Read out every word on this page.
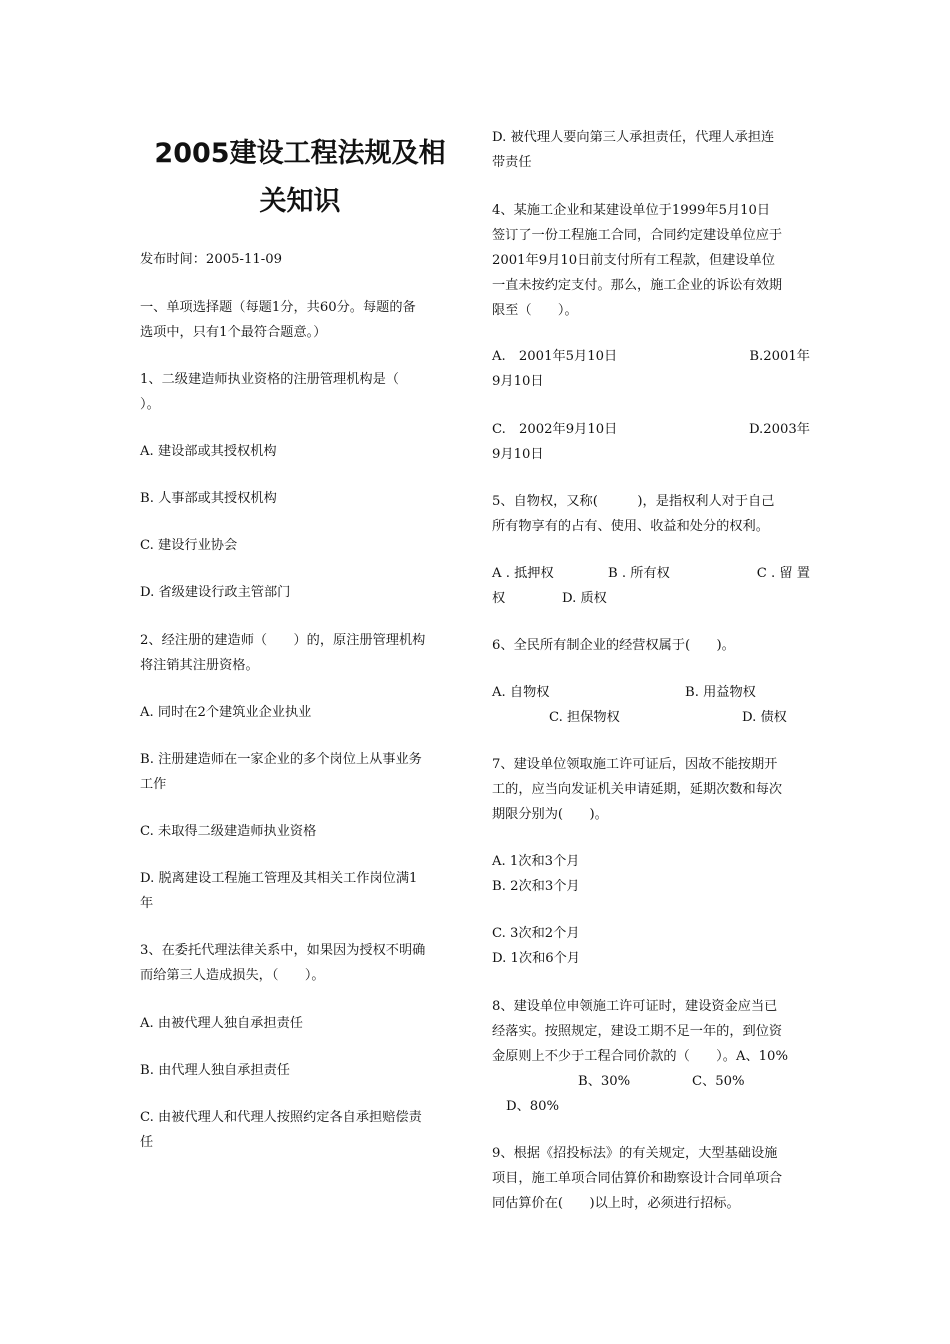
2005建设工程法规及相
关知识

发布时间：2005-11-09

一、单项选择题（每题1分，共60分。每题的备

选项中，只有1个最符合题意。）

1、二级建造师执业资格的注册管理机构是（

）。

A. 建设部或其授权机构

B. 人事部或其授权机构

C. 建设行业协会

D. 省级建设行政主管部门

2、经注册的建造师（　　）的，原注册管理机构

将注销其注册资格。

A. 同时在2个建筑业企业执业

B. 注册建造师在一家企业的多个岗位上从事业务

工作

C. 未取得二级建造师执业资格

D. 脱离建设工程施工管理及其相关工作岗位满1

年

3、在委托代理法律关系中，如果因为授权不明确

而给第三人造成损失，（　　）。

A. 由被代理人独自承担责任

B. 由代理人独自承担责任

C. 由被代理人和代理人按照约定各自承担赔偿责

任

D. 被代理人要向第三人承担责任，代理人承担连

带责任

4、某施工企业和某建设单位于1999年5月10日

签订了一份工程施工合同，合同约定建设单位应于

2001年9月10日前支付所有工程款，但建设单位

一直未按约定支付。那么，施工企业的诉讼有效期

限至（　　）。

A.　2001年5月10日	B.2001年

9月10日

C.　2002年9月10日	D.2003年

9月10日

5、自物权，又称(　　　)，是指权利人对于自己

所有物享有的占有、使用、收益和处分的权利。

A . 抵押权	B . 所有权	C . 留 置
权	D. 质权

6、全民所有制企业的经营权属于(　　)。

A. 自物权	B. 用益物权
C. 担保物权	D. 债权

7、建设单位领取施工许可证后，因故不能按期开

工的，应当向发证机关申请延期，延期次数和每次

期限分别为(　　)。

A. 1次和3个月

B. 2次和3个月

C. 3次和2个月

D. 1次和6个月

8、建设单位申领施工许可证时，建设资金应当已

经落实。按照规定，建设工期不足一年的，到位资

金原则上不少于工程合同价款的（　　）。A、10%

B、30%	C、50%
D、80%

9、根据《招投标法》的有关规定，大型基础设施

项目，施工单项合同估算价和勘察设计合同单项合

同估算价在(　　)以上时，必须进行招标。
